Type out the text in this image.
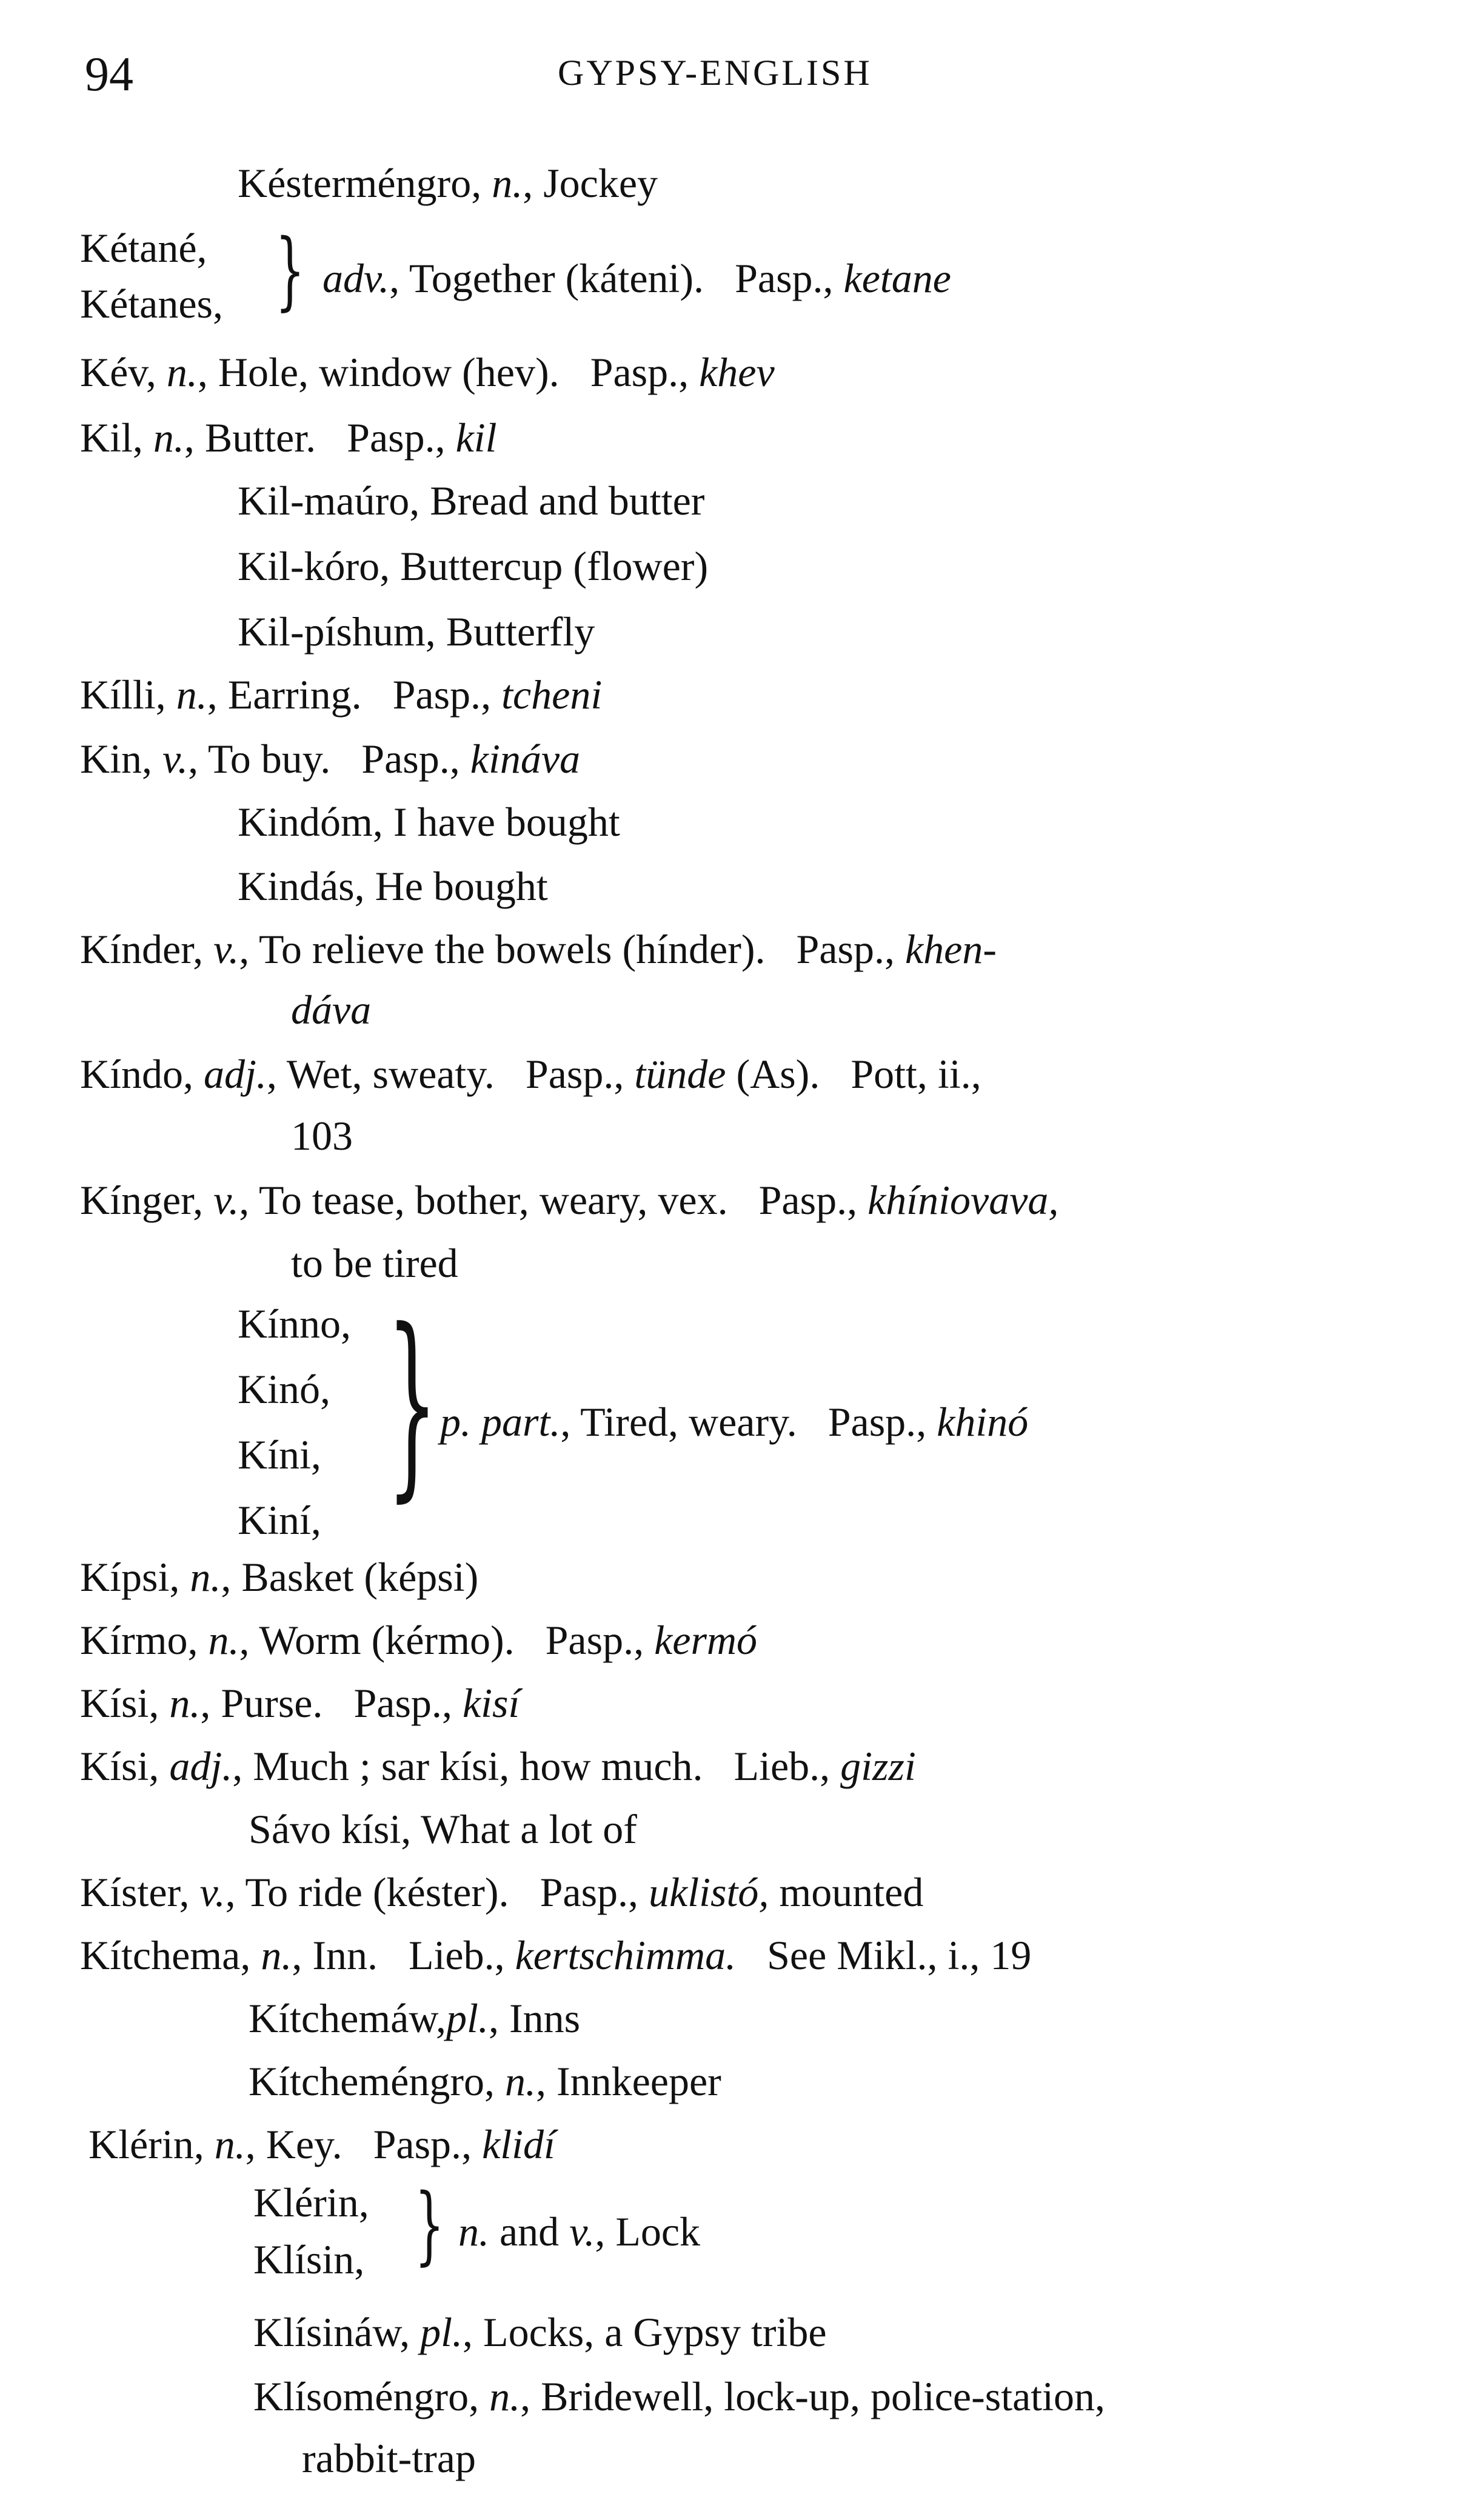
94	GYPSY-ENGLISH
Késterméngro, n., Jockey
Kétané,
Kétanes, } adv., Together (káteni). Pasp., ketane
Kév, n., Hole, window (hev). Pasp., khev
Kil, n., Butter. Pasp., kil
Kil-maúro, Bread and butter
Kil-kóro, Buttercup (flower)
Kil-píshum, Butterfly
Kílli, n., Earring. Pasp., tcheni
Kin, v., To buy. Pasp., kináva
Kindóm, I have bought
Kindás, He bought
Kínder, v., To relieve the bowels (hínder). Pasp., khen-
dáva
Kíndo, adj., Wet, sweaty. Pasp., tünde (As). Pott, ii.,
103
Kínger, v., To tease, bother, weary, vex. Pasp., khíniovava,
to be tired
Kínno,
Kinó,
Kíni,
Kiní,
} p. part., Tired, weary. Pasp., khinó
Kípsi, n., Basket (képsi)
Kírmo, n., Worm (kérmo). Pasp., kermó
Kísi, n., Purse. Pasp., kisí
Kísi, adj., Much ; sar kísi, how much. Lieb., gizzi
Sávo kísi, What a lot of
Kíster, v., To ride (késter). Pasp., uklistó, mounted
Kítchema, n., Inn. Lieb., kertschimma. See Mikl., i., 19
Kítchemáw,pl., Inns
Kítcheméngro, n., Innkeeper
Klérin, n., Key. Pasp., klidí
Klérin,
Klísin, } n. and v., Lock
Klísináw, pl., Locks, a Gypsy tribe
Klísoméngro, n., Bridewell, lock-up, police-station,
rabbit-trap
